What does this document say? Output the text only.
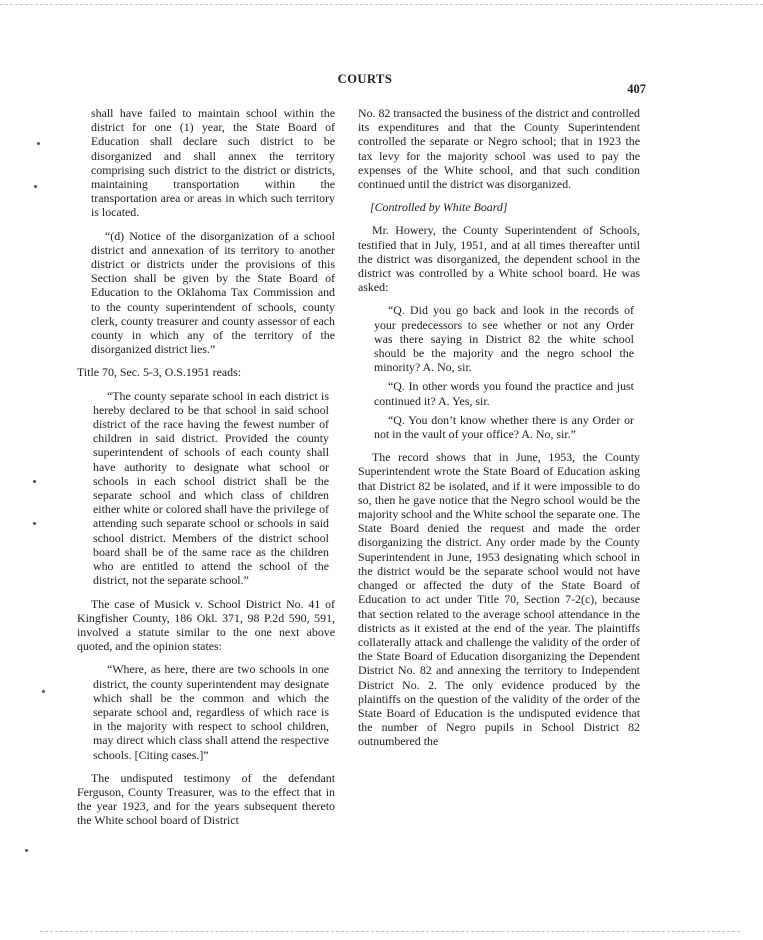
COURTS
407

shall have failed to maintain school within the district for one (1) year, the State Board of Education shall declare such district to be disorganized and shall annex the territory comprising such district to the district or districts, maintaining transportation within the transportation area or areas in which such territory is located.

“(d) Notice of the disorganization of a school district and annexation of its territory to another district or districts under the provisions of this Section shall be given by the State Board of Education to the Oklahoma Tax Commission and to the county superintendent of schools, county clerk, county treasurer and county assessor of each county in which any of the territory of the disorganized district lies.”

Title 70, Sec. 5-3, O.S.1951 reads:

“The county separate school in each district is hereby declared to be that school in said school district of the race having the fewest number of children in said district. Provided the county superintendent of schools of each county shall have authority to designate what school or schools in each school district shall be the separate school and which class of children either white or colored shall have the privilege of attending such separate school or schools in said school district. Members of the district school board shall be of the same race as the children who are entitled to attend the school of the district, not the separate school.”

The case of Musick v. School District No. 41 of Kingfisher County, 186 Okl. 371, 98 P.2d 590, 591, involved a statute similar to the one next above quoted, and the opinion states:

“Where, as here, there are two schools in one district, the county superintendent may designate which shall be the common and which the separate school and, regardless of which race is in the majority with respect to school children, may direct which class shall attend the respective schools. [Citing cases.]”

The undisputed testimony of the defendant Ferguson, County Treasurer, was to the effect that in the year 1923, and for the years subsequent thereto the White school board of District

No. 82 transacted the business of the district and controlled its expenditures and that the County Superintendent controlled the separate or Negro school; that in 1923 the tax levy for the majority school was used to pay the expenses of the White school, and that such condition continued until the district was disorganized.

[Controlled by White Board]

Mr. Howery, the County Superintendent of Schools, testified that in July, 1951, and at all times thereafter until the district was disorganized, the dependent school in the district was controlled by a White school board. He was asked:

“Q. Did you go back and look in the records of your predecessors to see whether or not any Order was there saying in District 82 the white school should be the majority and the negro school the minority? A. No, sir.

“Q. In other words you found the practice and just continued it? A. Yes, sir.

“Q. You don’t know whether there is any Order or not in the vault of your office? A. No, sir.”

The record shows that in June, 1953, the County Superintendent wrote the State Board of Education asking that District 82 be isolated, and if it were impossible to do so, then he gave notice that the Negro school would be the majority school and the White school the separate one. The State Board denied the request and made the order disorganizing the district. Any order made by the County Superintendent in June, 1953 designating which school in the district would be the separate school would not have changed or affected the duty of the State Board of Education to act under Title 70, Section 7-2(c), because that section related to the average school attendance in the districts as it existed at the end of the year. The plaintiffs collaterally attack and challenge the validity of the order of the State Board of Education disorganizing the Dependent District No. 82 and annexing the territory to Independent District No. 2. The only evidence produced by the plaintiffs on the question of the validity of the order of the State Board of Education is the undisputed evidence that the number of Negro pupils in School District 82 outnumbered the
